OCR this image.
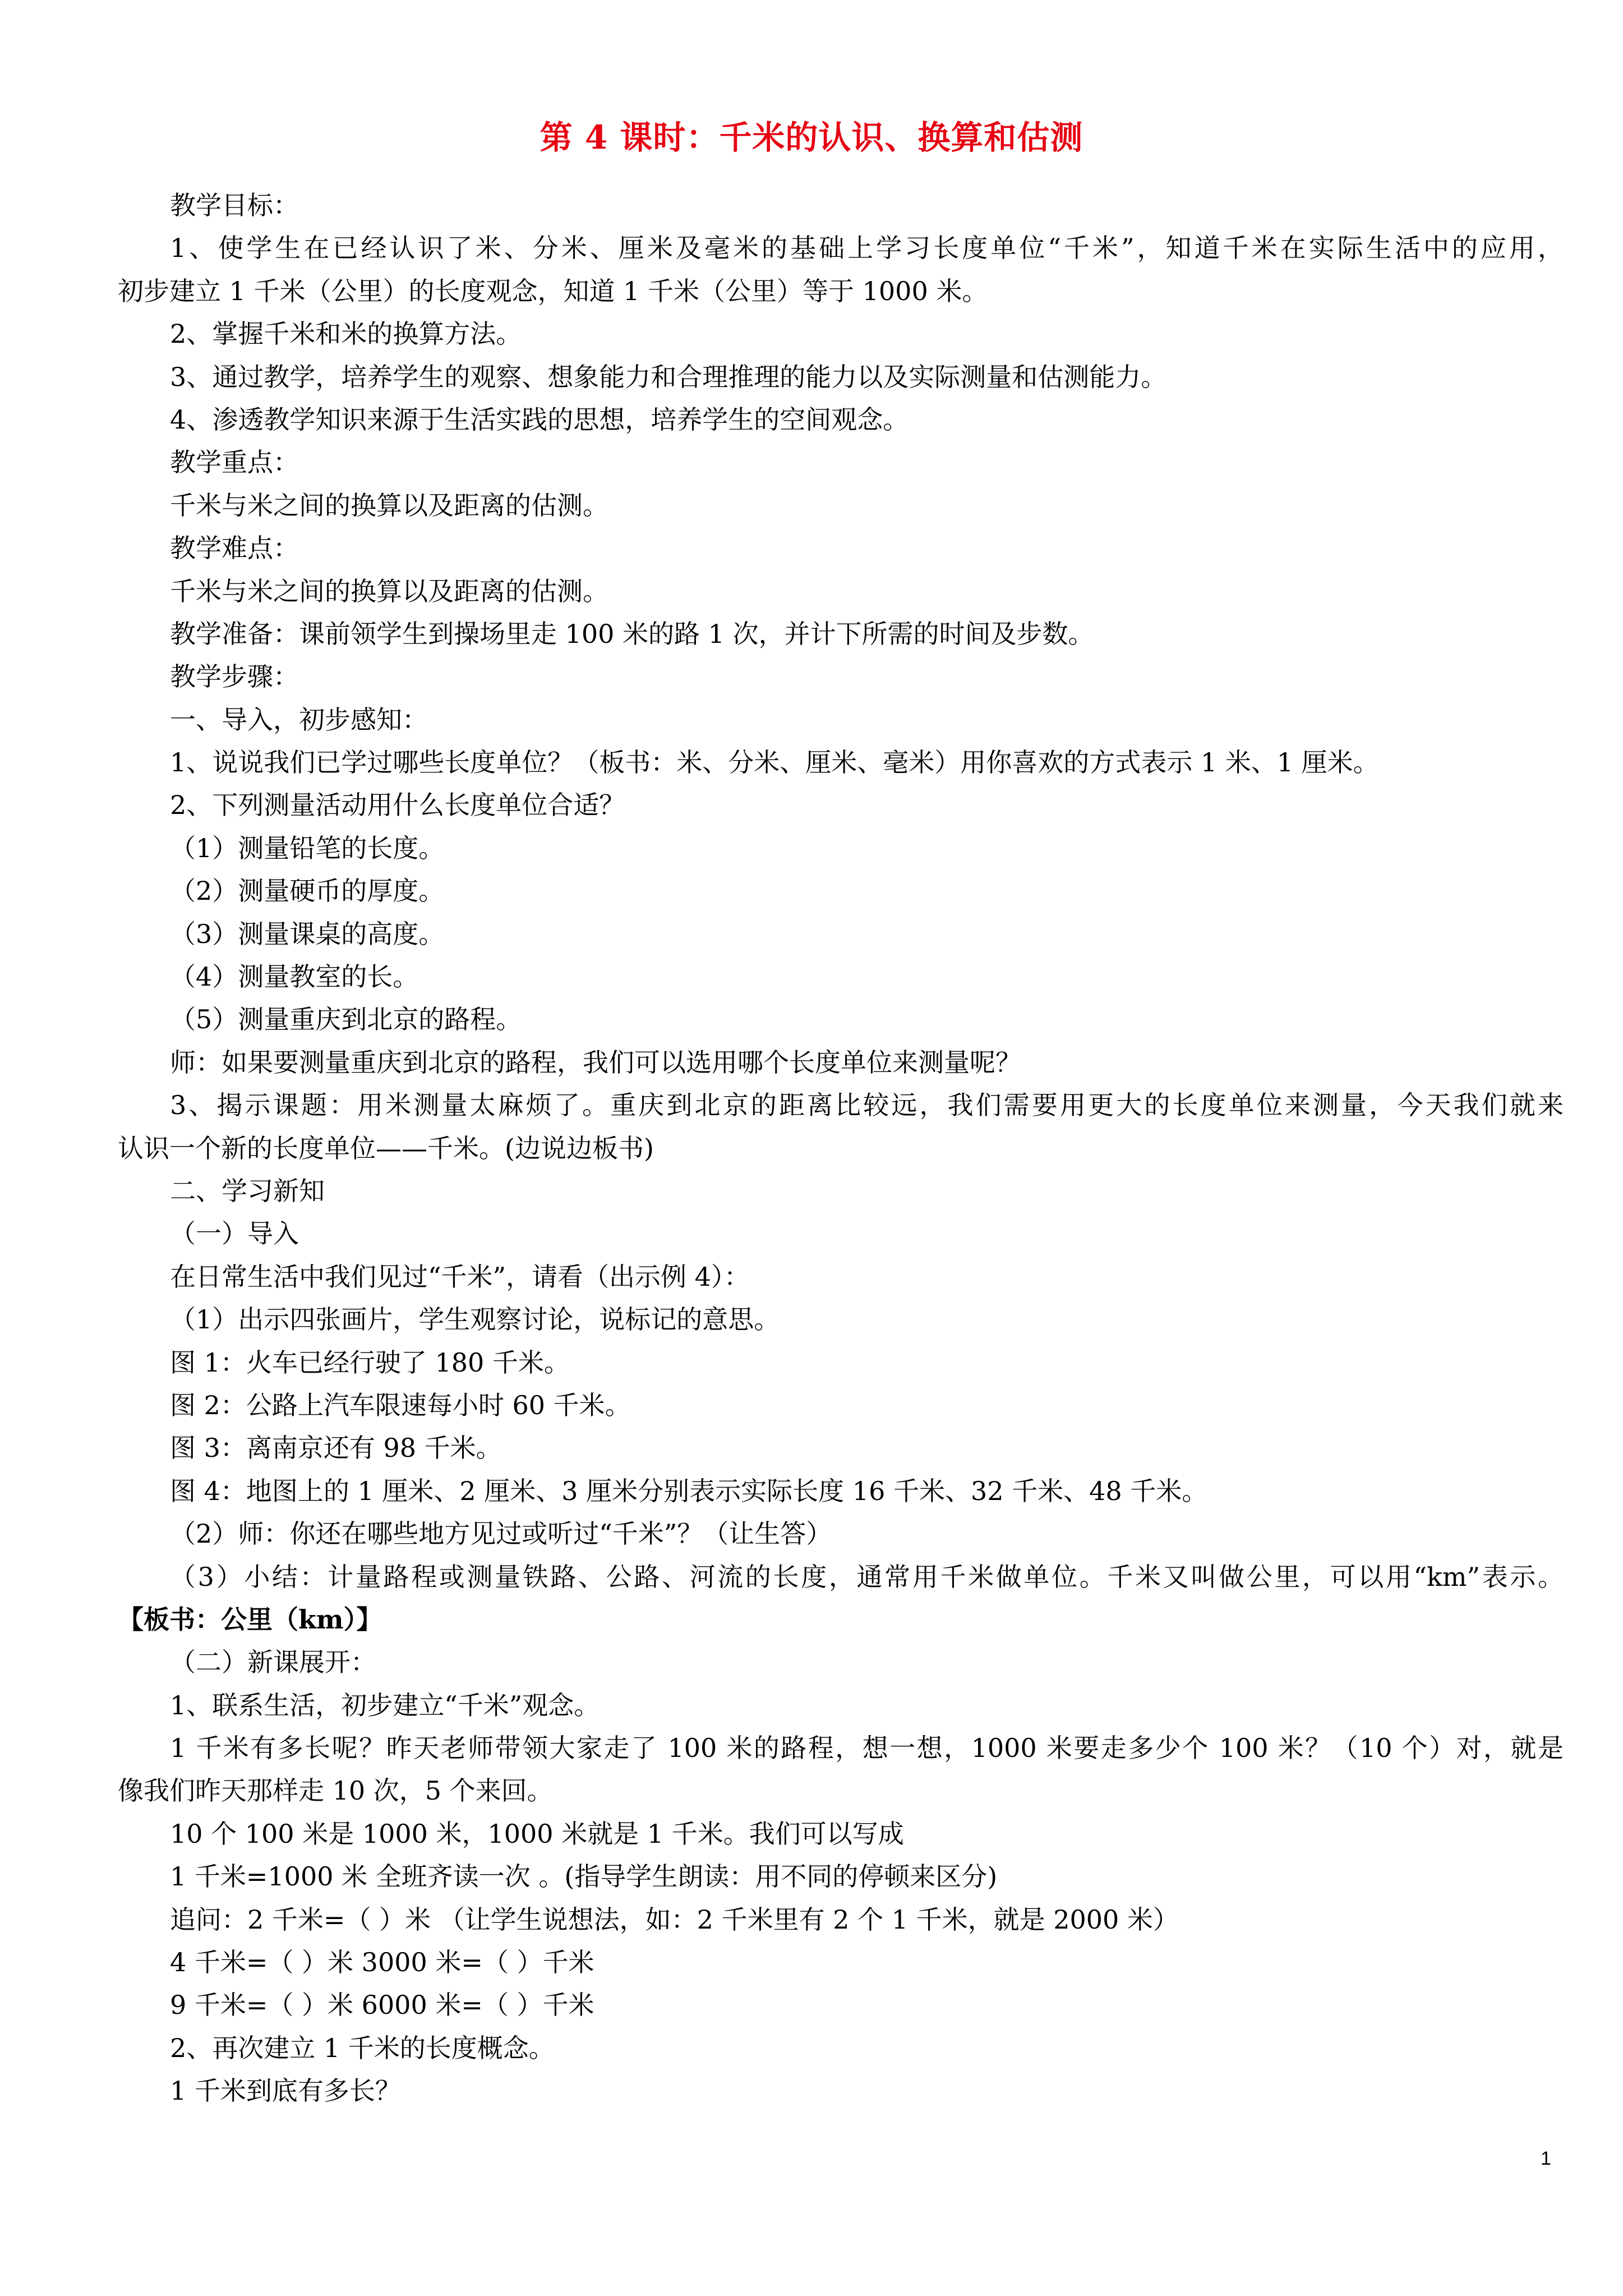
第 4 课时：千米的认识、换算和估测
教学目标：
1、使学生在已经认识了米、分米、厘米及毫米的基础上学习长度单位“千米”，知道千米在实际生活中的应用，
初步建立 1 千米（公里）的长度观念，知道 1 千米（公里）等于 1000 米。
2、掌握千米和米的换算方法。
3、通过教学，培养学生的观察、想象能力和合理推理的能力以及实际测量和估测能力。
4、渗透教学知识来源于生活实践的思想，培养学生的空间观念。
教学重点：
千米与米之间的换算以及距离的估测。
教学难点：
千米与米之间的换算以及距离的估测。
教学准备：课前领学生到操场里走 100 米的路 1 次，并计下所需的时间及步数。
教学步骤：
一、导入，初步感知：
1、说说我们已学过哪些长度单位？（板书：米、分米、厘米、毫米）用你喜欢的方式表示 1 米、1 厘米。
2、下列测量活动用什么长度单位合适？
（1）测量铅笔的长度。
（2）测量硬币的厚度。
（3）测量课桌的高度。
（4）测量教室的长。
（5）测量重庆到北京的路程。
师：如果要测量重庆到北京的路程，我们可以选用哪个长度单位来测量呢？
3、揭示课题：用米测量太麻烦了。重庆到北京的距离比较远，我们需要用更大的长度单位来测量，今天我们就来
认识一个新的长度单位——千米。(边说边板书)
二、学习新知
（一）导入
在日常生活中我们见过“千米”，请看（出示例 4）：
（1）出示四张画片，学生观察讨论，说标记的意思。
图 1：火车已经行驶了 180 千米。
图 2：公路上汽车限速每小时 60 千米。
图 3：离南京还有 98 千米。
图 4：地图上的 1 厘米、2 厘米、3 厘米分别表示实际长度 16 千米、32 千米、48 千米。
（2）师：你还在哪些地方见过或听过“千米”？（让生答）
（3）小结：计量路程或测量铁路、公路、河流的长度，通常用千米做单位。千米又叫做公里，可以用“km”表示。
【板书：公里（km）】
（二）新课展开：
1、联系生活，初步建立“千米”观念。
1 千米有多长呢？昨天老师带领大家走了 100 米的路程，想一想，1000 米要走多少个 100 米？（10 个）对，就是
像我们昨天那样走 10 次，5 个来回。
10 个 100 米是 1000 米，1000 米就是 1 千米。我们可以写成
1 千米=1000 米 全班齐读一次 。(指导学生朗读：用不同的停顿来区分)
追问：2 千米=（ ）米 （让学生说想法，如：2 千米里有 2 个 1 千米，就是 2000 米）
4 千米=（ ）米 3000 米=（ ）千米
9 千米=（ ）米 6000 米=（ ）千米
2、再次建立 1 千米的长度概念。
1 千米到底有多长？
1
